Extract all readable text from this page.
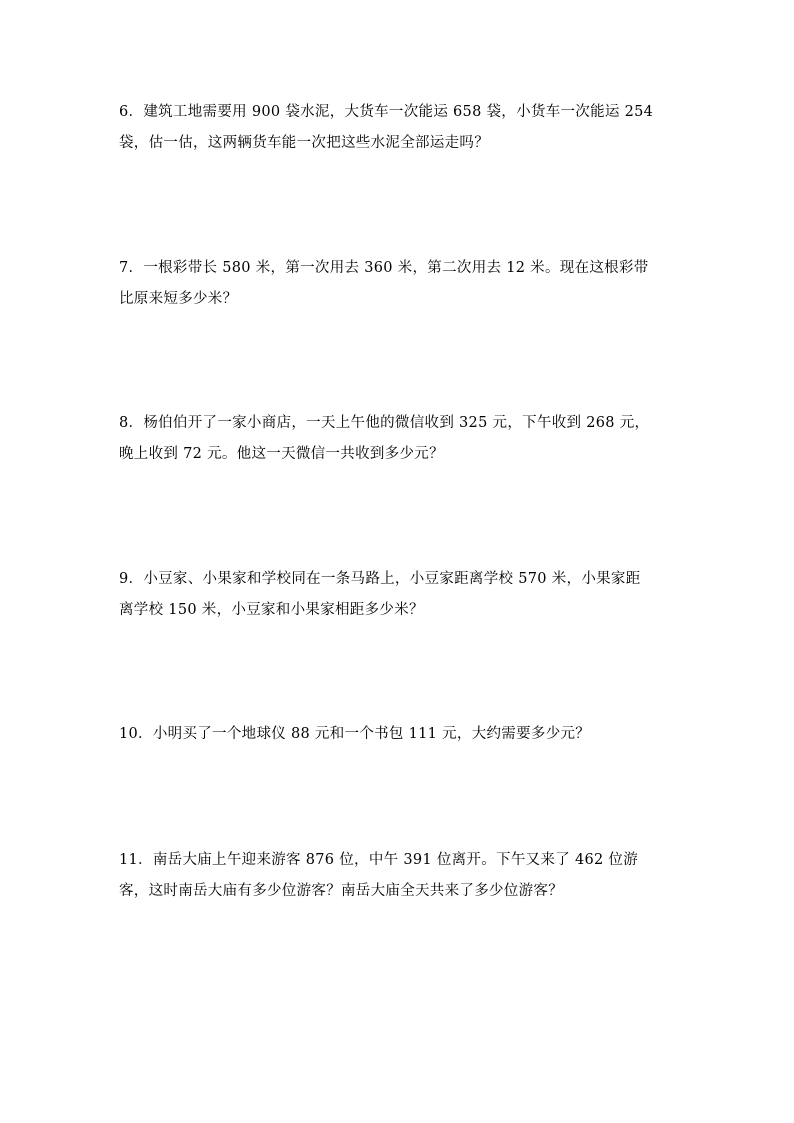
6．建筑工地需要用 900 袋水泥，大货车一次能运 658 袋，小货车一次能运 254

袋，估一估，这两辆货车能一次把这些水泥全部运走吗？

7．一根彩带长 580 米，第一次用去 360 米，第二次用去 12 米。现在这根彩带

比原来短多少米？

8．杨伯伯开了一家小商店，一天上午他的微信收到 325 元，下午收到 268 元，

晚上收到 72 元。他这一天微信一共收到多少元？

9．小豆家、小果家和学校同在一条马路上，小豆家距离学校 570 米，小果家距

离学校 150 米，小豆家和小果家相距多少米？

10．小明买了一个地球仪 88 元和一个书包 111 元，大约需要多少元？

11．南岳大庙上午迎来游客 876 位，中午 391 位离开。下午又来了 462 位游

客，这时南岳大庙有多少位游客？南岳大庙全天共来了多少位游客？
